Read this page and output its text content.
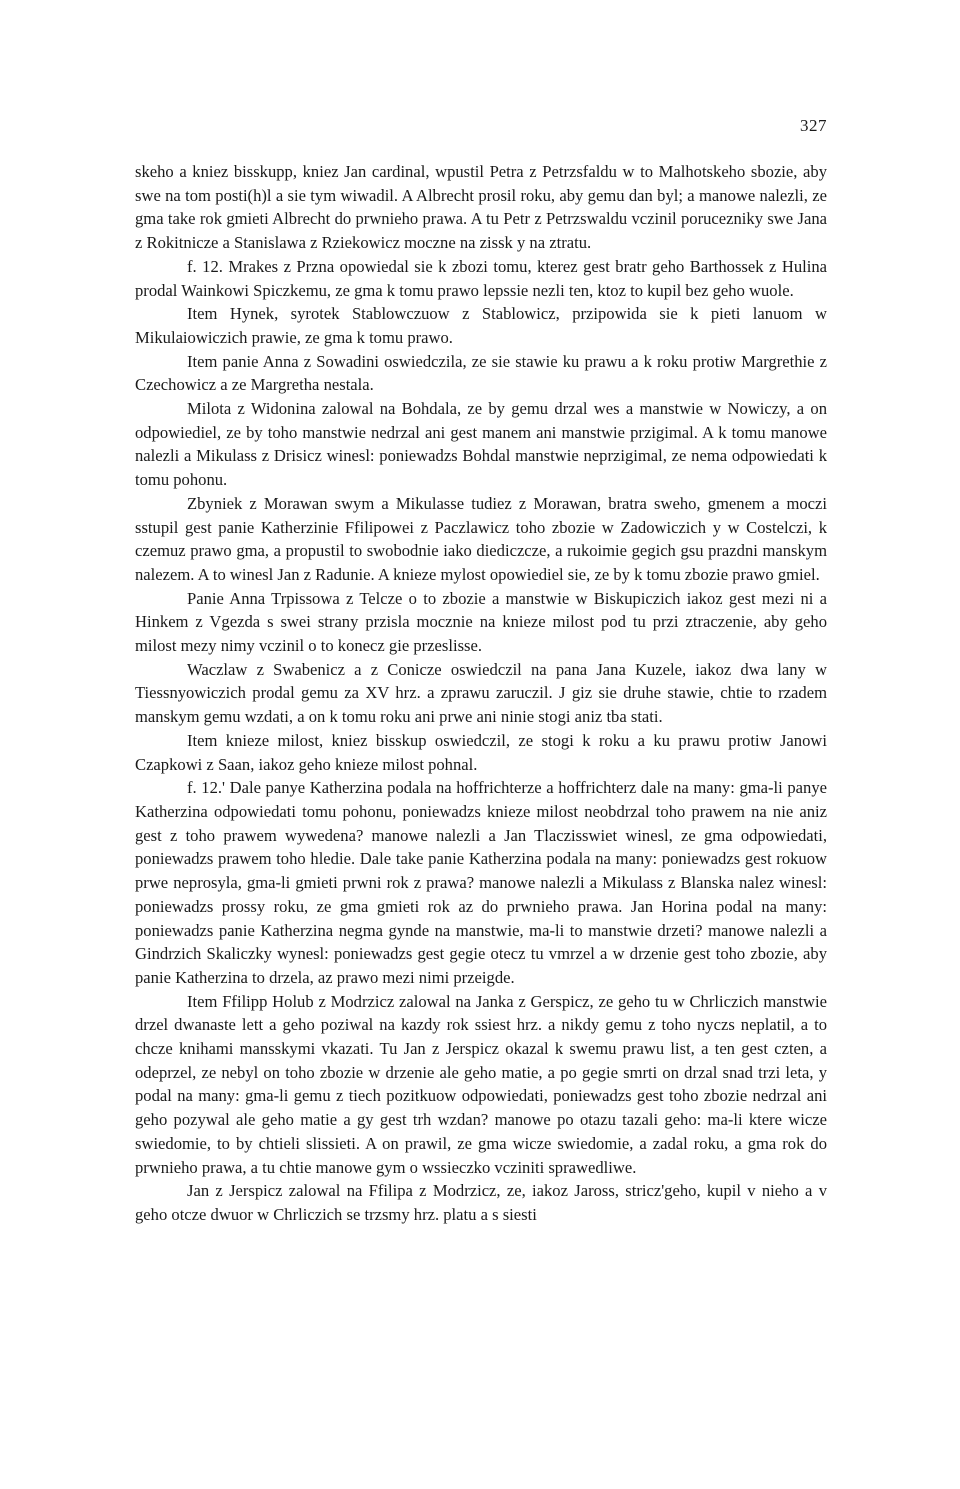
327

skeho a kniez bisskupp, kniez Jan cardinal, wpustil Petra z Petrzsfaldu w to Malhotskeho sbozie, aby swe na tom posti(h)l a sie tym wiwadil. A Albrecht prosil roku, aby gemu dan byl; a manowe nalezli, ze gma take rok gmieti Albrecht do prwnieho prawa. A tu Petr z Petrzswaldu vczinil porucezniky swe Jana z Rokitnicze a Stanislawa z Rziekowicz moczne na zissk y na ztratu.

f. 12. Mrakes z Przna opowiedal sie k zbozi tomu, kterez gest bratr geho Barthossek z Hulina prodal Wainkowi Spiczkemu, ze gma k tomu prawo lepssie nezli ten, ktoz to kupil bez geho wuole.

Item Hynek, syrotek Stablowczuow z Stablowicz, przipowida sie k pieti lanuom w Mikulaiowiczich prawie, ze gma k tomu prawo.

Item panie Anna z Sowadini oswiedczila, ze sie stawie ku prawu a k roku protiw Margrethie z Czechowicz a ze Margretha nestala.

Milota z Widonina zalowal na Bohdala, ze by gemu drzal wes a manstwie w Nowiczy, a on odpowiediel, ze by toho manstwie nedrzal ani gest manem ani manstwie przigimal. A k tomu manowe nalezli a Mikulass z Drisicz winesl: poniewadzs Bohdal manstwie neprzigimal, ze nema odpowiedati k tomu pohonu.

Zbyniek z Morawan swym a Mikulasse tudiez z Morawan, bratra sweho, gmenem a moczi sstupil gest panie Katherzinie Ffilipowei z Paczlawicz toho zbozie w Zadowiczich y w Costelczi, k czemuz prawo gma, a propustil to swobodnie iako diediczcze, a rukoimie gegich gsu prazdni manskym nalezem. A to winesl Jan z Radunie. A knieze mylost opowiediel sie, ze by k tomu zbozie prawo gmiel.

Panie Anna Trpissowa z Telcze o to zbozie a manstwie w Biskupiczich iakoz gest mezi ni a Hinkem z Vgezda s swei strany przisla mocznie na knieze milost pod tu przi ztraczenie, aby geho milost mezy nimy vczinil o to konecz gie przeslisse.

Waczlaw z Swabenicz a z Conicze oswiedczil na pana Jana Kuzele, iakoz dwa lany w Tiessnyowiczich prodal gemu za XV hrz. a zprawu zaruczil. J giz sie druhe stawie, chtie to rzadem manskym gemu wzdati, a on k tomu roku ani prwe ani ninie stogi aniz tba stati.

Item knieze milost, kniez bisskup oswiedczil, ze stogi k roku a ku prawu protiw Janowi Czapkowi z Saan, iakoz geho knieze milost pohnal.

f. 12.' Dale panye Katherzina podala na hoffrichterze a hoffrichterz dale na many: gma-li panye Katherzina odpowiedati tomu pohonu, poniewadzs knieze milost neobdrzal toho prawem na nie aniz gest z toho prawem wywedena? manowe nalezli a Jan Tlaczisswiet winesl, ze gma odpowiedati, poniewadzs prawem toho hledie. Dale take panie Katherzina podala na many: poniewadzs gest rokuow prwe neprosyla, gma-li gmieti prwni rok z prawa? manowe nalezli a Mikulass z Blanska nalez winesl: poniewadzs prossy roku, ze gma gmieti rok az do prwnieho prawa. Jan Horina podal na many: poniewadzs panie Katherzina negma gynde na manstwie, ma-li to manstwie drzeti? manowe nalezli a Gindrzich Skaliczky wynesl: poniewadzs gest gegie otecz tu vmrzel a w drzenie gest toho zbozie, aby panie Katherzina to drzela, az prawo mezi nimi przeigde.

Item Ffilipp Holub z Modrzicz zalowal na Janka z Gerspicz, ze geho tu w Chrliczich manstwie drzel dwanaste lett a geho poziwal na kazdy rok ssiest hrz. a nikdy gemu z toho nyczs neplatil, a to chcze knihami mansskymi vkazati. Tu Jan z Jerspicz okazal k swemu prawu list, a ten gest czten, a odeprzel, ze nebyl on toho zbozie w drzenie ale geho matie, a po gegie smrti on drzal snad trzi leta, y podal na many: gma-li gemu z tiech pozitkuow odpowiedati, poniewadzs gest toho zbozie nedrzal ani geho pozywal ale geho matie a gy gest trh wzdan? manowe po otazu tazali geho: ma-li ktere wicze swiedomie, to by chtieli slissieti. A on prawil, ze gma wicze swiedomie, a zadal roku, a gma rok do prwnieho prawa, a tu chtie manowe gym o wssieczko vcziniti sprawedliwe.

Jan z Jerspicz zalowal na Ffilipa z Modrzicz, ze, iakoz Jaross, stricz'geho, kupil v nieho a v geho otcze dwuor w Chrliczich se trzsmy hrz. platu a s siesti
